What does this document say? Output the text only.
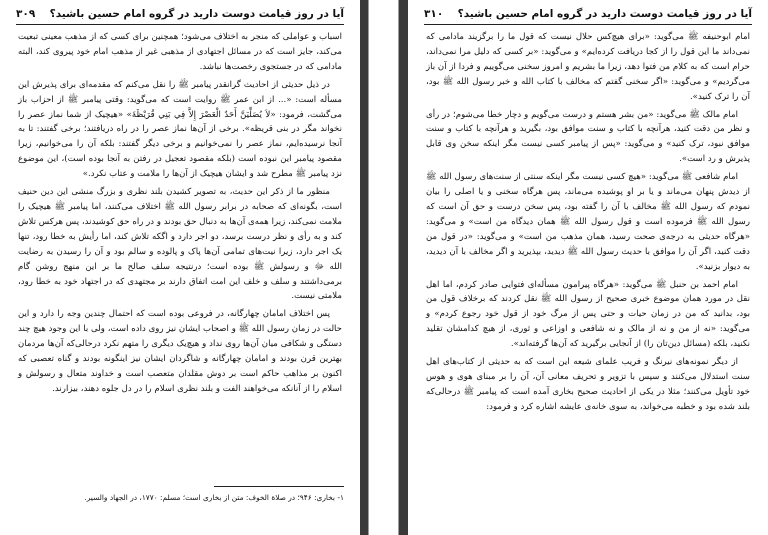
آیا در روز قیامت دوست دارید در گروه امام حسین باشید؟
۳۰۹

اسباب و عواملی که منجر به اختلاف می‌شود؛ همچنین برای کسی که از مذهب معینی تبعیت می‌کند، جایز است که در مسائل اجتهادی از مذهبی غیر از مذهب امام خود پیروی کند، البته مادامی که در جستجوی رخصت‌ها نباشد.

در ذیل حدیثی از احادیث گرانقدر پیامبر ﷺ را نقل می‌کنم که مقدمه‌ای برای پذیرش این مسأله است: «... از ابن عمر ﷺ روایت است که می‌گوید: وقتی پیامبر ﷺ از احزاب باز می‌گشت، فرمود: «لاَ يُصَلِّيَنَّ أَحَدٌ الْعَصْرَ إِلاَّ فِي بَنِي قُرَيْظَةَ» «هیچیک از شما نماز عصر را نخواند مگر در بنی قریظه». برخی از آن‌ها نماز عصر را در راه دریافتند؛ برخی گفتند: تا به آنجا نرسیده‌ایم، نماز عصر را نمی‌خوانیم و برخی دیگر گفتند: بلکه آن را می‌خوانیم، زیرا مقصود پیامبر این نبوده است (بلکه مقصود تعجیل در رفتن به آنجا بوده است)، این موضوع نزد پیامبر ﷺ مطرح شد و ایشان هیچیک از آن‌ها را ملامت و عتاب نکرد.»

منظور ما از ذکر این حدیث، به تصویر کشیدن بلند نظری و بزرگ منشی این دین حنیف است، بگونه‌ای که صحابه در برابر رسول الله ﷺ اختلاف می‌کنند، اما پیامبر ﷺ هیچیک را ملامت نمی‌کند، زیرا همه‌ی آن‌ها به دنبال حق بودند و در راه حق کوشیدند، پس هرکس تلاش کند و به رأی و نظر درست برسد، دو اجر دارد و اگکه تلاش کند، اما رأیش به خطا رود، تنها یک اجر دارد، زیرا نیت‌های تمامی آن‌ها پاک و پالوده و سالم بود و آن را رسیدن به رضایت الله ﷻ و رسولش ﷺ بوده است؛ درنتیجه سلف صالح ما بر این منهج روشن گام برمی‌داشتند و سلف و خلف این امت اتفاق دارند بر مجتهدی که در اجتهاد خود به خطا رود، ملامتی نیست.

پس اختلاف امامان چهارگانه، در فروعی بوده است که احتمال چندین وجه را دارد و این حالت در زمان رسول الله ﷺ و اصحاب ایشان نیز روی داده است، ولی با این وجود هیچ چند دستگی و شکافی میان آن‌ها روی نداد و هیچ‌یک دیگری را متهم نکرد درحالی‌که آن‌ها مردمان بهترین قرن بودند و امامان چهارگانه و شاگردان ایشان نیز اینگونه بودند و گناه تعصبی که اکنون بر مذاهب حاکم است بر دوش مقلدان متعصب است و خداوند متعال و رسولش و اسلام را از آنانکه می‌خواهند الفت و بلند نظری اسلام را در دل جلوه دهند، بیزارند.

۱- بخاری: ۹۴۶؛ در صلاة الخوف: متن از بخاری است؛ مسلم: ۱۷۷۰، در الجهاد والسیر.
آیا در روز قیامت دوست دارید در گروه امام حسین باشید؟
۳۱۰

امام ابوحنیفه ﷺ می‌گوید: «برای هیچ‌کس حلال نیست که قول ما را برگزیند مادامی که نمی‌داند ما این قول را از کجا دریافت کرده‌ایم» و می‌گوید: «بر کسی که دلیل مرا نمی‌داند، حرام است که به کلام من فتوا دهد، زیرا ما بشریم و امروز سخنی می‌گوییم و فردا از آن باز می‌گردیم» و می‌گوید: «اگر سخنی گفتم که مخالف با کتاب الله و خبر رسول الله ﷺ بود، آن را ترک کنید».

امام مالک ﷺ می‌گوید: «من بشر هستم و درست می‌گویم و دچار خطا می‌شوم؛ در رأی و نظر من دقت کنید، هرآنچه با کتاب و سنت موافق بود، بگیرید و هرآنچه با کتاب و سنت موافق نبود، ترک کنید» و می‌گوید: «پس از پیامبر کسی نیست مگر اینکه سخن وی قابل پذیرش و رد است».

امام شافعی ﷺ می‌گوید: «هیچ کسی نیست مگر اینکه سنتی از سنت‌های رسول الله ﷺ از دیدش پنهان می‌ماند و یا بر او پوشیده می‌ماند، پس هرگاه سخنی و یا اصلی را بیان نمودم که رسول الله ﷺ مخالف با آن را گفته بود، پس سخن درست و حق آن است که رسول الله ﷺ فرموده است و قول رسول الله ﷺ همان دیدگاه من است» و می‌گوید: «هرگاه حدیثی به درجه‌ی صحت رسید، همان مذهب من است» و می‌گوید: «در قول من دقت کنید، اگر آن را موافق با حدیث رسول الله ﷺ دیدید، بپذیرید و اگر مخالف با آن دیدید، به دیوار بزنید».

امام احمد بن حنبل ﷺ می‌گوید: «هرگاه پیرامون مسأله‌ای فتوایی صادر کردم، اما اهل نقل در مورد همان موضوع خبری صحیح از رسول الله ﷺ نقل کردند که برخلاف قول من بود، بدانید که من در زمان حیات و حتی پس از مرگ خود از قول خود رجوع کردم» و می‌گوید: «نه از من و نه از مالک و نه شافعی و اوزاعی و ثوری، از هیچ کدامشان تقلید نکنید، بلکه (مسائل دین‌تان را) از آنجایی برگیرید که آن‌ها گرفته‌اند».

از دیگر نمونه‌های نیرنگ و فریب علمای شیعه این است که به حدیثی از کتاب‌های اهل سنت استدلال می‌کنند و سپس با تزویر و تحریف معانی آن، آن را بر مبنای هوی و هوس خود تأویل می‌کنند؛ مثلا در یکی از احادیث صحیح بخاری آمده است که پیامبر ﷺ درحالی‌که بلند شده بود و خطبه می‌خواند، به سوی خانه‌ی عایشه اشاره کرد و فرمود:
